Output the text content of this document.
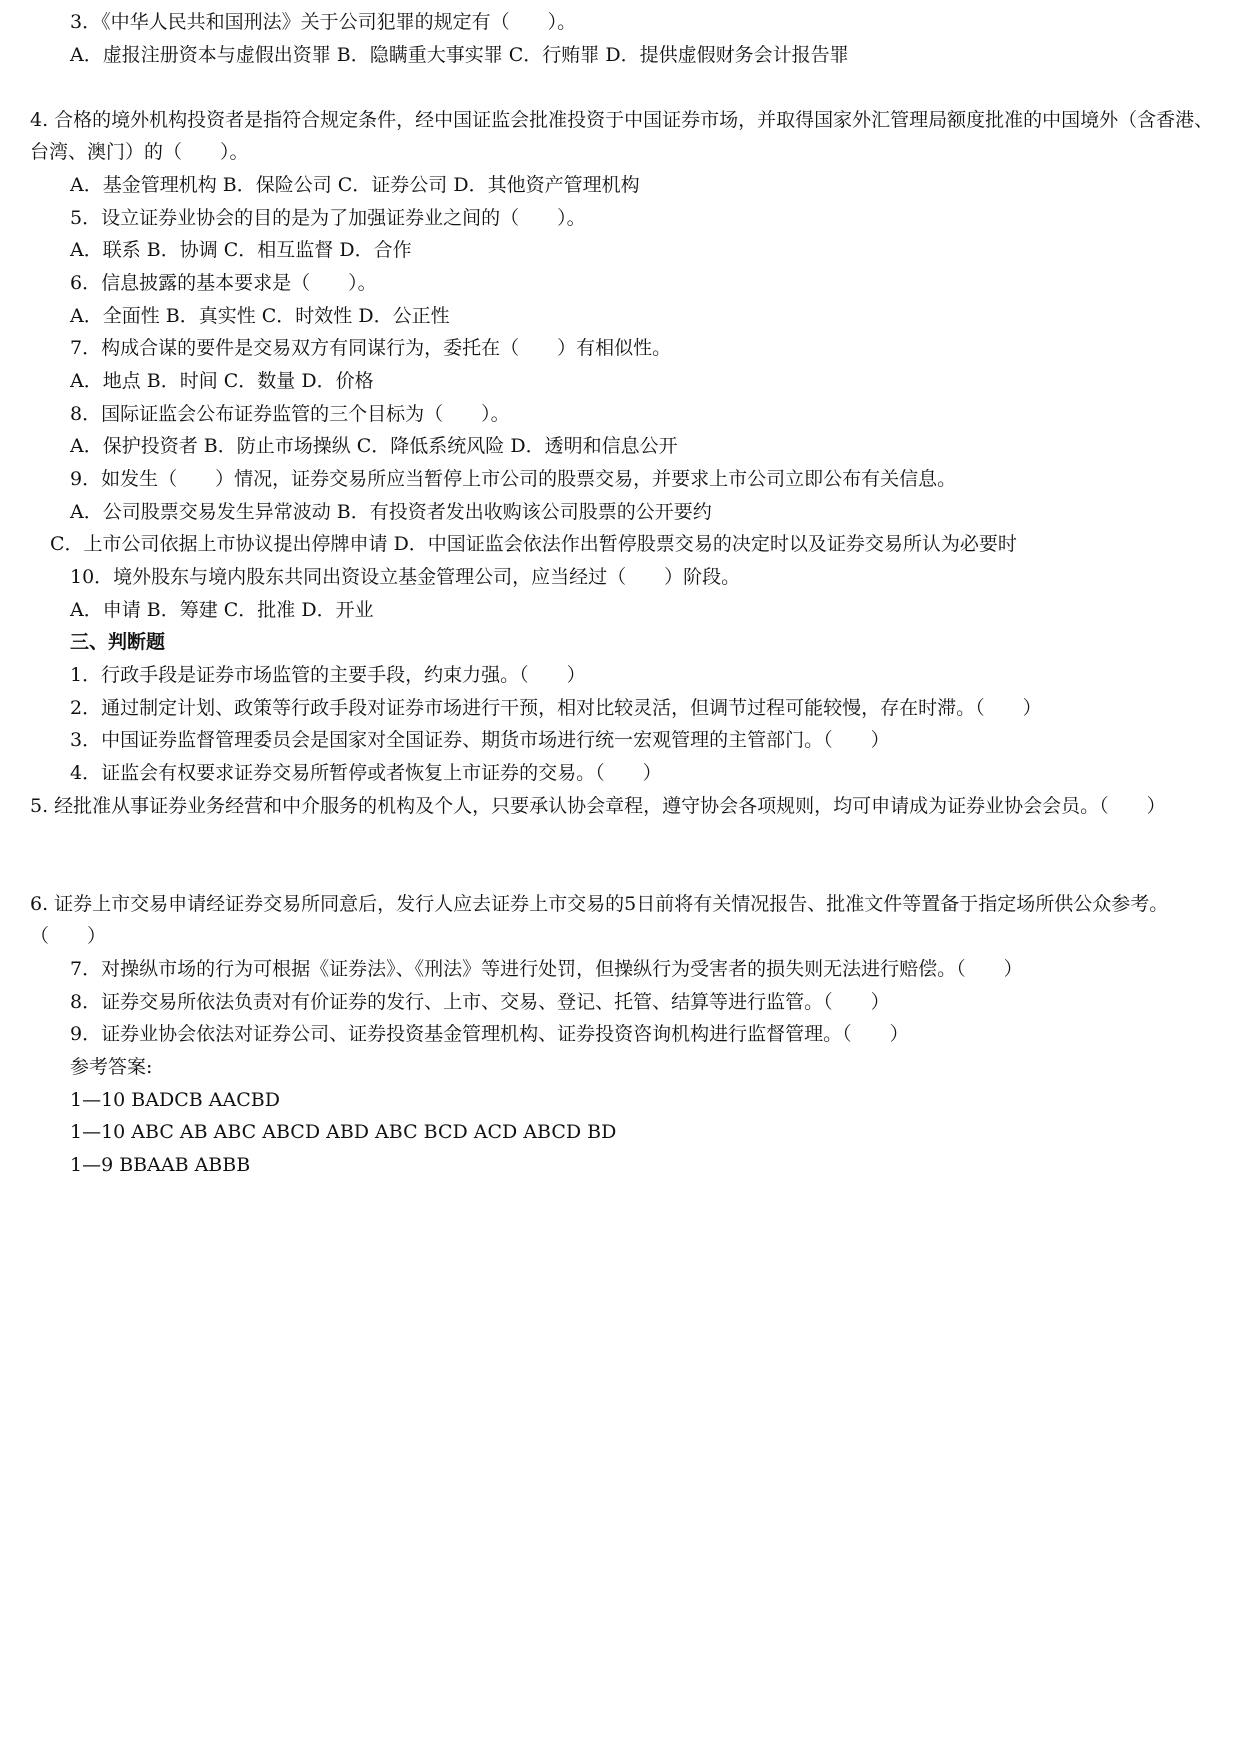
3．《中华人民共和国刑法》关于公司犯罪的规定有（　　）。
A．虚报注册资本与虚假出资罪 B．隐瞒重大事实罪 C．行贿罪 D．提供虚假财务会计报告罪
4. 合格的境外机构投资者是指符合规定条件，经中国证监会批准投资于中国证券市场，并取得国家外汇管理局额度批准的中国境外（含香港、台湾、澳门）的（　　）。
A．基金管理机构 B．保险公司 C．证券公司 D．其他资产管理机构
5．设立证券业协会的目的是为了加强证券业之间的（　　）。
A．联系 B．协调 C．相互监督 D．合作
6．信息披露的基本要求是（　　）。
A．全面性 B．真实性 C．时效性 D．公正性
7．构成合谋的要件是交易双方有同谋行为，委托在（　　）有相似性。
A．地点 B．时间 C．数量 D．价格
8．国际证监会公布证券监管的三个目标为（　　）。
A．保护投资者 B．防止市场操纵 C．降低系统风险 D．透明和信息公开
9．如发生（　　）情况，证券交易所应当暂停上市公司的股票交易，并要求上市公司立即公布有关信息。
A．公司股票交易发生异常波动 B．有投资者发出收购该公司股票的公开要约
C．上市公司依据上市协议提出停牌申请 D．中国证监会依法作出暂停股票交易的决定时以及证券交易所认为必要时
10．境外股东与境内股东共同出资设立基金管理公司，应当经过（　　）阶段。
A．申请 B．筹建 C．批准 D．开业
三、判断题
1．行政手段是证券市场监管的主要手段，约束力强。（　　）
2．通过制定计划、政策等行政手段对证券市场进行干预，相对比较灵活，但调节过程可能较慢，存在时滞。（　　）
3．中国证券监督管理委员会是国家对全国证券、期货市场进行统一宏观管理的主管部门。（　　）
4．证监会有权要求证券交易所暂停或者恢复上市证券的交易。（　　）
5. 经批准从事证券业务经营和中介服务的机构及个人，只要承认协会章程，遵守协会各项规则，均可申请成为证券业协会会员。（　　）
6. 证券上市交易申请经证券交易所同意后，发行人应去证券上市交易的5日前将有关情况报告、批准文件等置备于指定场所供公众参考。（　　）
7．对操纵市场的行为可根据《证券法》、《刑法》等进行处罚，但操纵行为受害者的损失则无法进行赔偿。（　　）
8．证券交易所依法负责对有价证券的发行、上市、交易、登记、托管、结算等进行监管。（　　）
9．证券业协会依法对证券公司、证券投资基金管理机构、证券投资咨询机构进行监督管理。（　　）
参考答案:
1—10 BADCB AACBD
1—10 ABC AB ABC ABCD ABD ABC BCD ACD ABCD BD
1—9 BBAAB ABBB
